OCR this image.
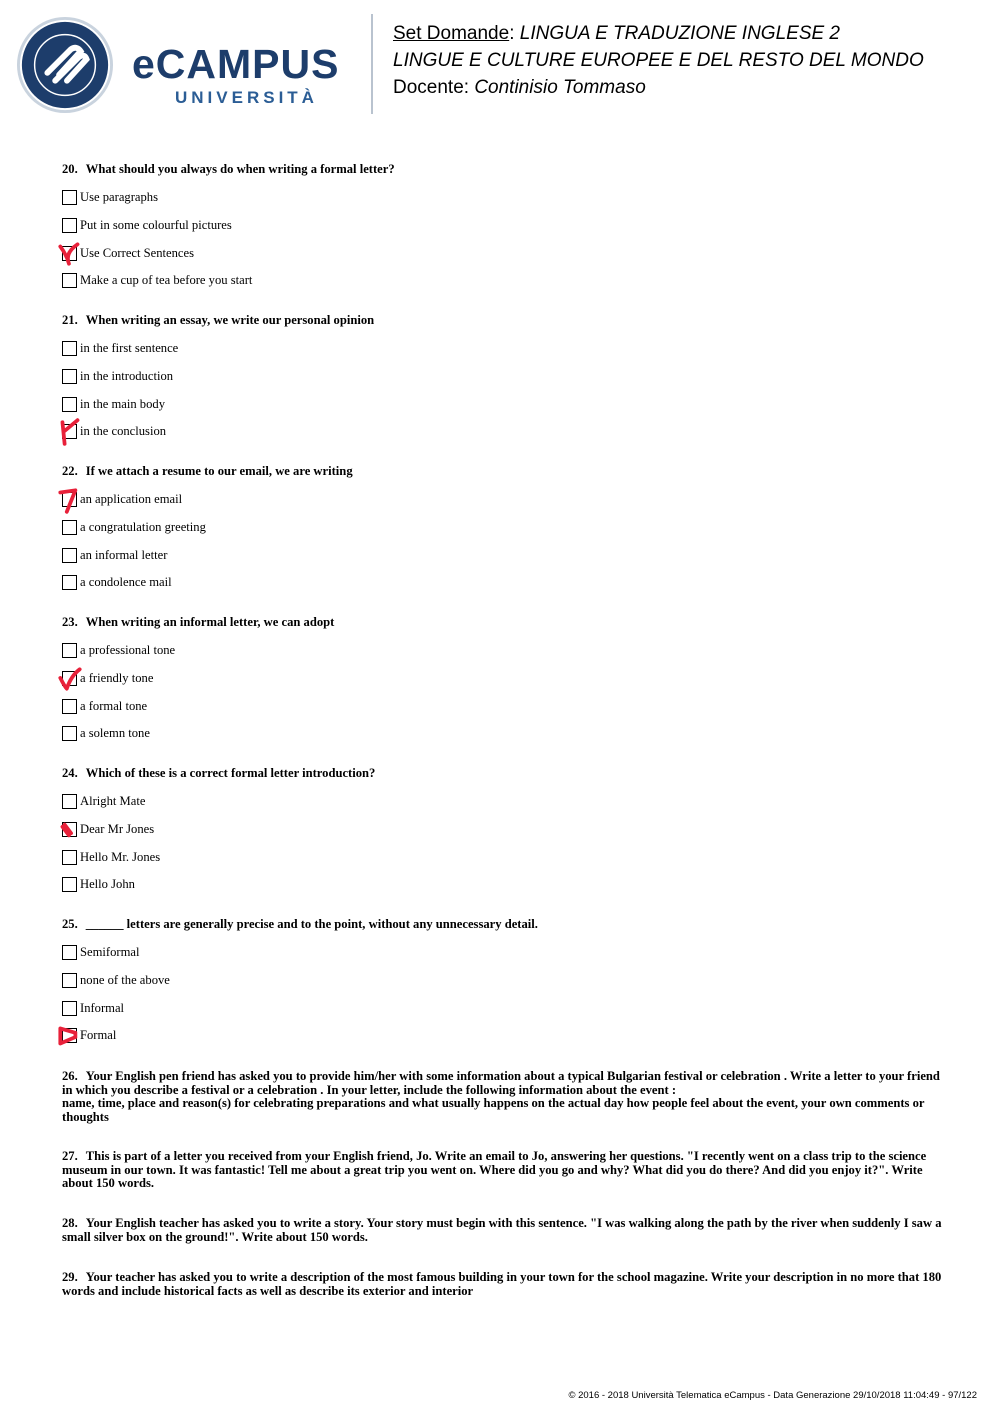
eCAMPUS
UNIVERSITÀ
Set Domande: LINGUA E TRADUZIONE INGLESE 2
LINGUE E CULTURE EUROPEE E DEL RESTO DEL MONDO
Docente: Continisio Tommaso
20. What should you always do when writing a formal letter?
Use paragraphs
Put in some colourful pictures
Use Correct Sentences
Make a cup of tea before you start
21. When writing an essay, we write our personal opinion
in the first sentence
in the introduction
in the main body
in the conclusion
22. If we attach a resume to our email, we are writing
an application email
a congratulation greeting
an informal letter
a condolence mail
23. When writing an informal letter, we can adopt
a professional tone
a friendly tone
a formal tone
a solemn tone
24. Which of these is a correct formal letter introduction?
Alright Mate
Dear Mr Jones
Hello Mr. Jones
Hello John
25. ______ letters are generally precise and to the point, without any unnecessary detail.
Semiformal
none of the above
Informal
Formal
26. Your English pen friend has asked you to provide him/her with some information about a typical Bulgarian festival or celebration . Write a letter to your friend in which you describe a festival or a celebration . In your letter, include the following information about the event :
name, time, place and reason(s) for celebrating preparations and what usually happens on the actual day how people feel about the event, your own comments or thoughts
27. This is part of a letter you received from your English friend, Jo. Write an email to Jo, answering her questions. "I recently went on a class trip to the science museum in our town. It was fantastic! Tell me about a great trip you went on. Where did you go and why? What did you do there? And did you enjoy it?". Write about 150 words.
28. Your English teacher has asked you to write a story. Your story must begin with this sentence. "I was walking along the path by the river when suddenly I saw a small silver box on the ground!". Write about 150 words.
29. Your teacher has asked you to write a description of the most famous building in your town for the school magazine. Write your description in no more that 180 words and include historical facts as well as describe its exterior and interior
© 2016 - 2018 Università Telematica eCampus - Data Generazione 29/10/2018 11:04:49 - 97/122
